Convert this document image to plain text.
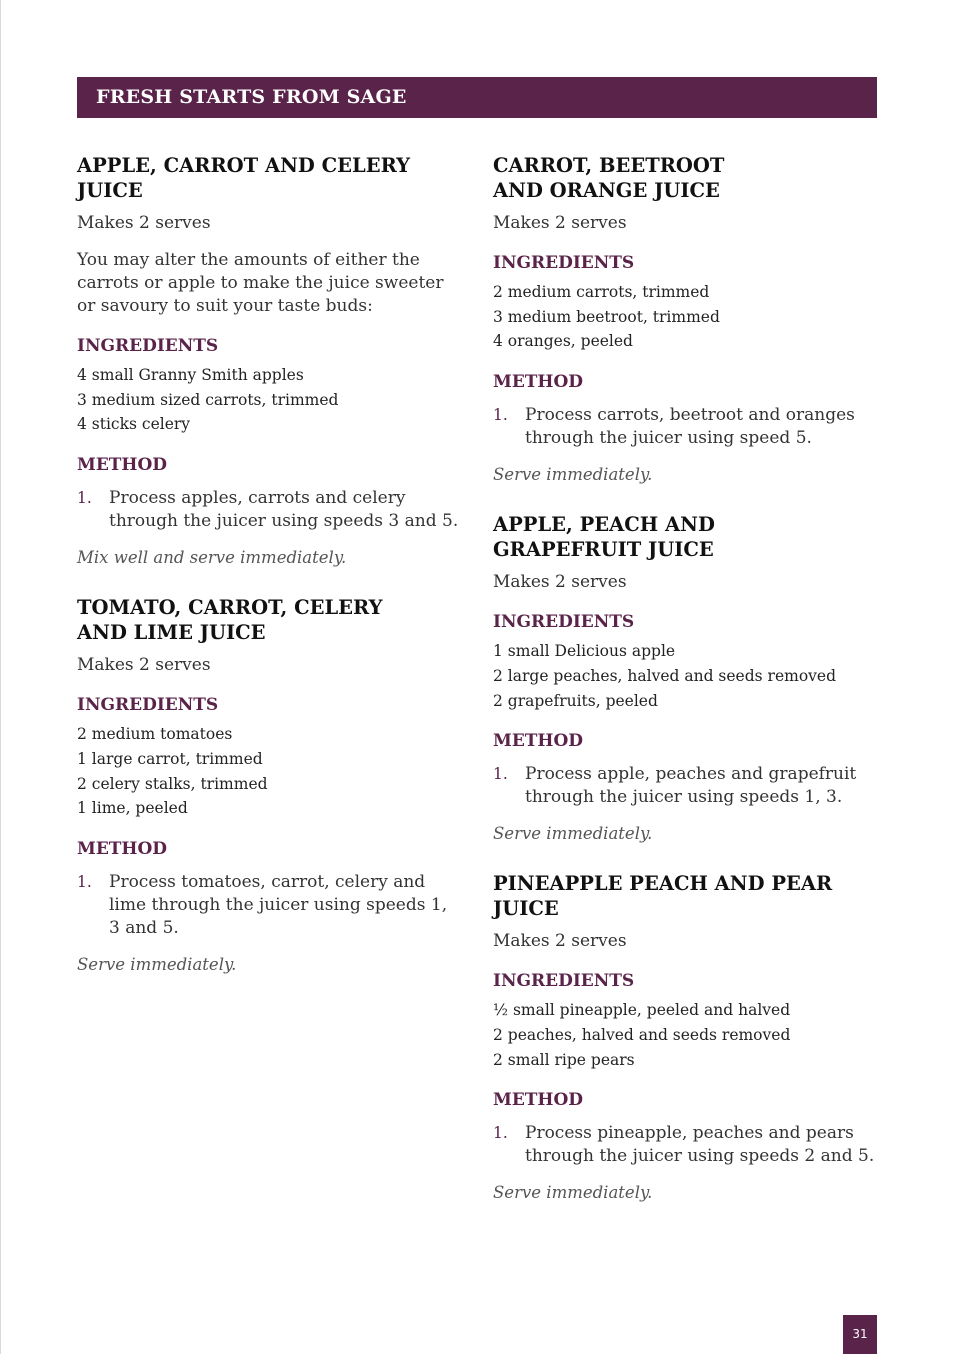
FRESH STARTS FROM SAGE
APPLE, CARROT AND CELERY JUICE
Makes 2 serves
You may alter the amounts of either the carrots or apple to make the juice sweeter or savoury to suit your taste buds:
INGREDIENTS
4 small Granny Smith apples
3 medium sized carrots, trimmed
4 sticks celery
METHOD
1.	Process apples, carrots and celery through the juicer using speeds 3 and 5.
Mix well and serve immediately.
TOMATO, CARROT, CELERY
AND LIME JUICE
Makes 2 serves
INGREDIENTS
2 medium tomatoes
1 large carrot, trimmed
2 celery stalks, trimmed
1 lime, peeled
METHOD
1.	Process tomatoes, carrot, celery and lime through the juicer using speeds 1, 3 and 5.
Serve immediately.
CARROT, BEETROOT
AND ORANGE JUICE
Makes 2 serves
INGREDIENTS
2 medium carrots, trimmed
3 medium beetroot, trimmed
4 oranges, peeled
METHOD
1.	Process carrots, beetroot and oranges through the juicer using speed 5.
Serve immediately.
APPLE, PEACH AND
GRAPEFRUIT JUICE
Makes 2 serves
INGREDIENTS
1 small Delicious apple
2 large peaches, halved and seeds removed
2 grapefruits, peeled
METHOD
1.	Process apple, peaches and grapefruit through the juicer using speeds 1, 3.
Serve immediately.
PINEAPPLE PEACH AND PEAR JUICE
Makes 2 serves
INGREDIENTS
½ small pineapple, peeled and halved
2 peaches, halved and seeds removed
2 small ripe pears
METHOD
1.	Process pineapple, peaches and pears through the juicer using speeds 2 and 5.
Serve immediately.
31
